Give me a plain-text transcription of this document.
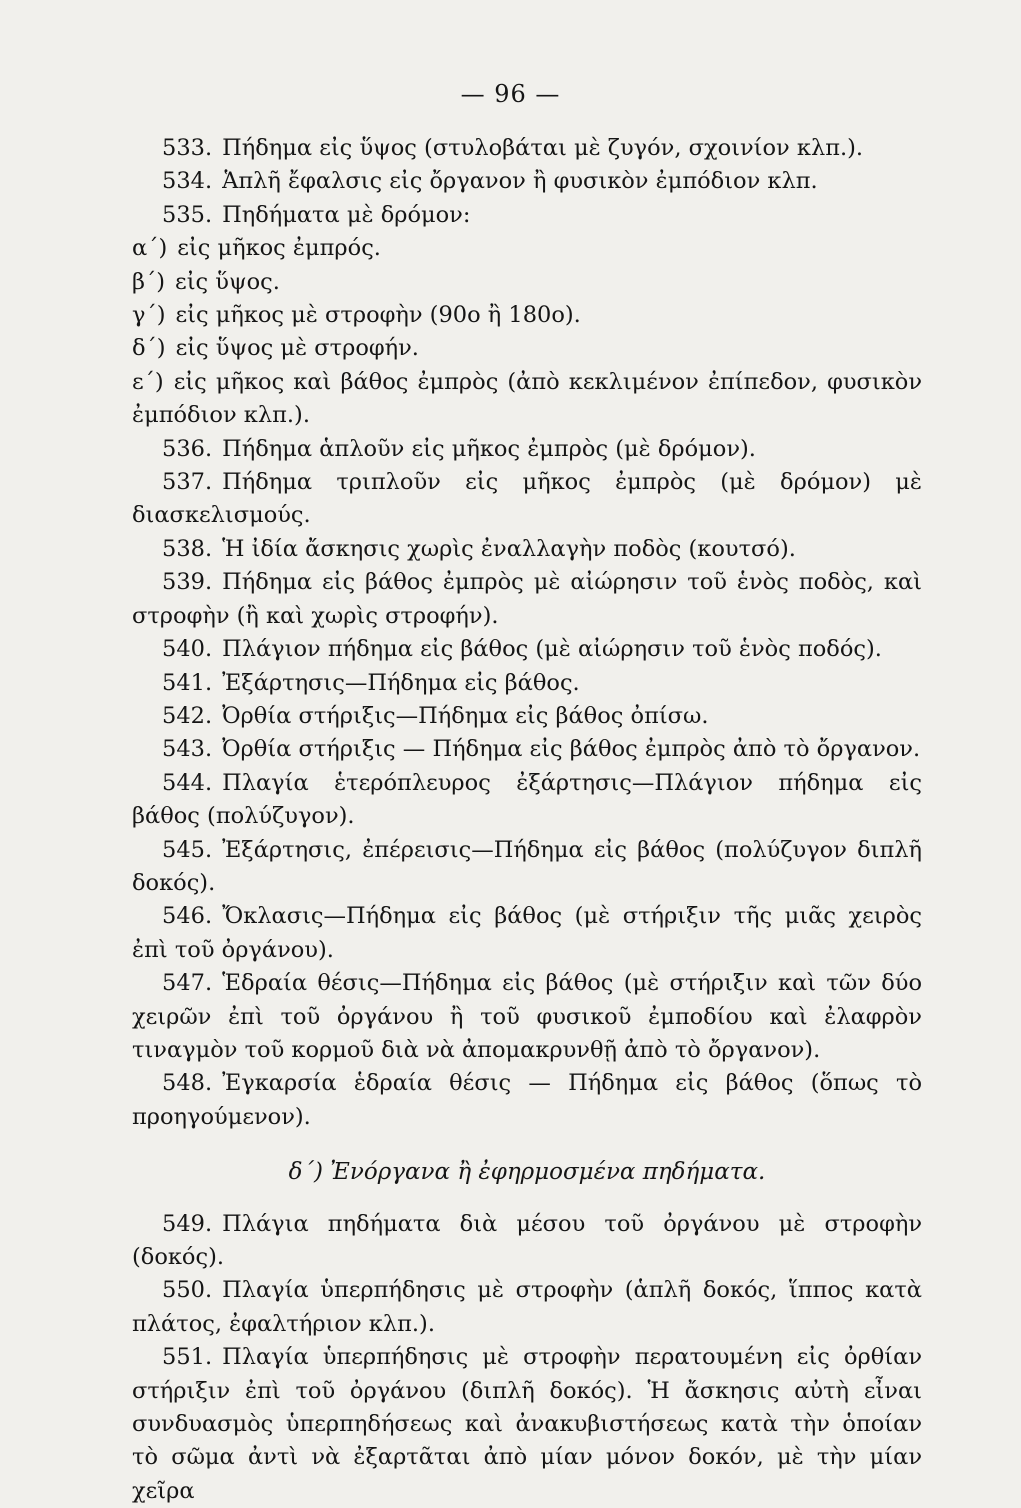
— 96 —

533. Πήδημα εἰς ὕψος (στυλοβάται μὲ ζυγόν, σχοινίον κλπ.).

534. Ἁπλῆ ἔφαλσις εἰς ὄργανον ἢ φυσικὸν ἐμπόδιον κλπ.

535. Πηδήματα μὲ δρόμον:

α΄) εἰς μῆκος ἐμπρός.

β΄) εἰς ὕψος.

γ΄) εἰς μῆκος μὲ στροφὴν (90ο ἢ 180ο).

δ΄) εἰς ὕψος μὲ στροφήν.

ε΄) εἰς μῆκος καὶ βάθος ἐμπρὸς (ἀπὸ κεκλιμένον ἐπίπεδον, φυσικὸν ἐμπόδιον κλπ.).

536. Πήδημα ἁπλοῦν εἰς μῆκος ἐμπρὸς (μὲ δρόμον).

537. Πήδημα τριπλοῦν εἰς μῆκος ἐμπρὸς (μὲ δρόμον) μὲ διασκελισμούς.

538. Ἡ ἰδία ἄσκησις χωρὶς ἐναλλαγὴν ποδὸς (κουτσό).

539. Πήδημα εἰς βάθος ἐμπρὸς μὲ αἰώρησιν τοῦ ἑνὸς ποδὸς, καὶ στροφὴν (ἢ καὶ χωρὶς στροφήν).

540. Πλάγιον πήδημα εἰς βάθος (μὲ αἰώρησιν τοῦ ἑνὸς ποδός).

541. Ἐξάρτησις—Πήδημα εἰς βάθος.

542. Ὀρθία στήριξις—Πήδημα εἰς βάθος ὀπίσω.

543. Ὀρθία στήριξις — Πήδημα εἰς βάθος ἐμπρὸς ἀπὸ τὸ ὄργανον.

544. Πλαγία ἑτερόπλευρος ἐξάρτησις—Πλάγιον πήδημα εἰς βάθος (πολύζυγον).

545. Ἐξάρτησις, ἐπέρεισις—Πήδημα εἰς βάθος (πολύζυγον διπλῆ δοκός).

546. Ὄκλασις—Πήδημα εἰς βάθος (μὲ στήριξιν τῆς μιᾶς χειρὸς ἐπὶ τοῦ ὀργάνου).

547. Ἑδραία θέσις—Πήδημα εἰς βάθος (μὲ στήριξιν καὶ τῶν δύο χειρῶν ἐπὶ τοῦ ὀργάνου ἢ τοῦ φυσικοῦ ἐμποδίου καὶ ἐλαφρὸν τιναγμὸν τοῦ κορμοῦ διὰ νὰ ἀπομακρυνθῇ ἀπὸ τὸ ὄργανον).

548. Ἐγκαρσία ἑδραία θέσις — Πήδημα εἰς βάθος (ὅπως τὸ προηγούμενον).

δ΄) Ἐνόργανα ἢ ἐφηρμοσμένα πηδήματα.

549. Πλάγια πηδήματα διὰ μέσου τοῦ ὀργάνου μὲ στροφὴν (δοκός).

550. Πλαγία ὑπερπήδησις μὲ στροφὴν (ἁπλῆ δοκός, ἵππος κατὰ πλάτος, ἐφαλτήριον κλπ.).

551. Πλαγία ὑπερπήδησις μὲ στροφὴν περατουμένη εἰς ὀρθίαν στήριξιν ἐπὶ τοῦ ὀργάνου (διπλῆ δοκός). Ἡ ἄσκησις αὐτὴ εἶναι συνδυασμὸς ὑπερπηδήσεως καὶ ἀνακυβιστήσεως κατὰ τὴν ὁποίαν τὸ σῶμα ἀντὶ νὰ ἐξαρτᾶται ἀπὸ μίαν μόνον δοκόν, μὲ τὴν μίαν χεῖρα
